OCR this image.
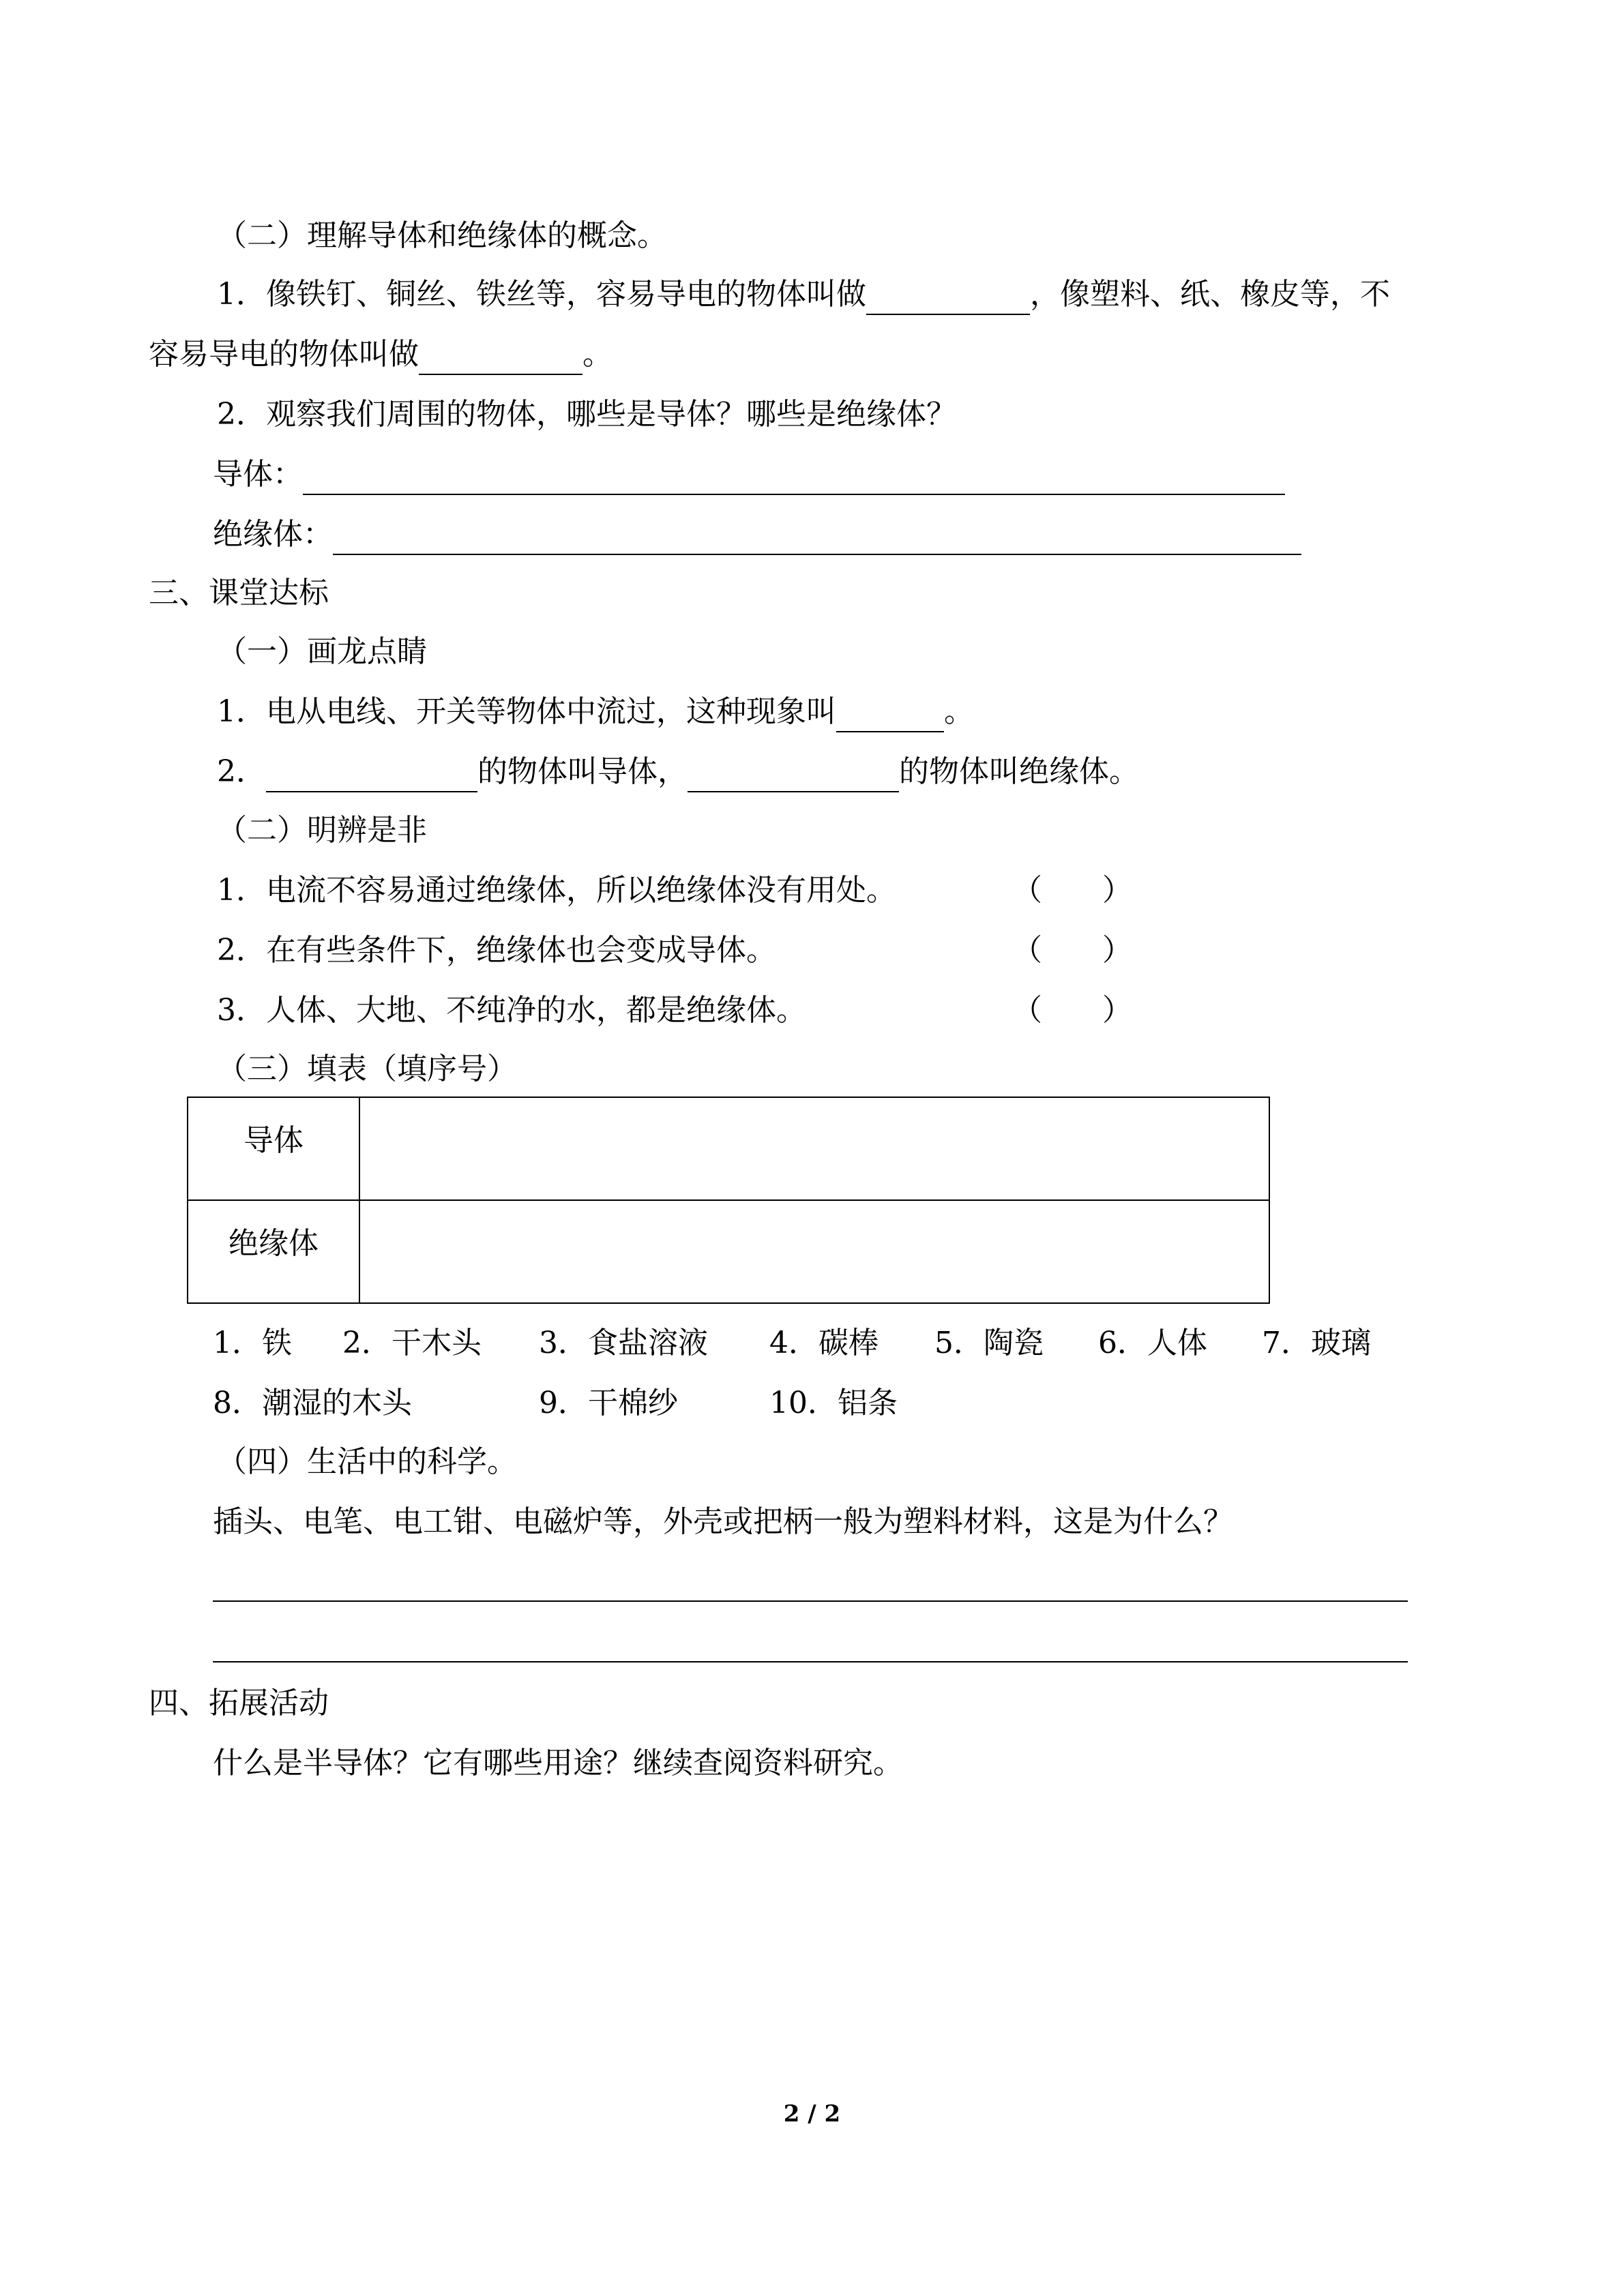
（二）理解导体和绝缘体的概念。
1．像铁钉、铜丝、铁丝等，容易导电的物体叫做	，像塑料、纸、橡皮等，不
容易导电的物体叫做	。
2．观察我们周围的物体，哪些是导体？哪些是绝缘体？
导体：
绝缘体：
三、课堂达标
（一）画龙点睛
1．电从电线、开关等物体中流过，这种现象叫	。
2．	的物体叫导体，	的物体叫绝缘体。
（二）明辨是非
1．电流不容易通过绝缘体，所以绝缘体没有用处。	（　　）
2．在有些条件下，绝缘体也会变成导体。	（　　）
3．人体、大地、不纯净的水，都是绝缘体。	（　　）
（三）填表（填序号）
导体	
绝缘体	
1．铁 2．干木头 3．食盐溶液 4．碳棒 5．陶瓷 6．人体 7．玻璃
8．潮湿的木头	9．干棉纱	10．铝条
（四）生活中的科学。
插头、电笔、电工钳、电磁炉等，外壳或把柄一般为塑料材料，这是为什么？
四、拓展活动
什么是半导体？它有哪些用途？继续查阅资料研究。
2 / 2
